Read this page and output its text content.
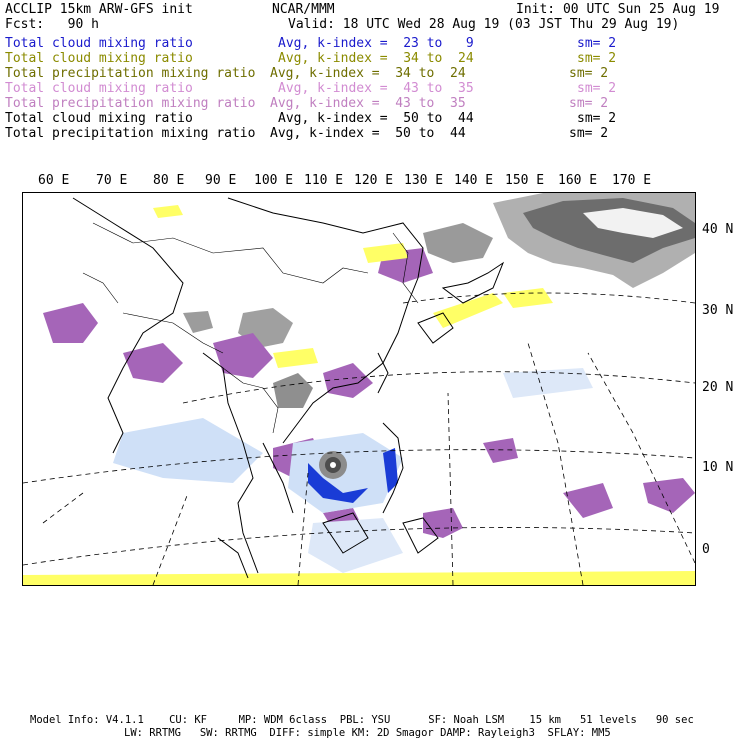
ACCLIP 15km ARW-GFS init	NCAR/MMM	Init: 00 UTC Sun 25 Aug 19
Fcst:   90 h	Valid: 18 UTC Wed 28 Aug 19 (03 JST Thu 29 Aug 19)
Total cloud mixing ratio	Avg, k-index =  23 to   9	sm= 2
Total cloud mixing ratio	Avg, k-index =  34 to  24	sm= 2
Total precipitation mixing ratio Avg, k-index =  34 to  24	sm= 2
Total cloud mixing ratio	Avg, k-index =  43 to  35	sm= 2
Total precipitation mixing ratio Avg, k-index =  43 to  35	sm= 2
Total cloud mixing ratio	Avg, k-index =  50 to  44	sm= 2
Total precipitation mixing ratio Avg, k-index =  50 to  44	sm= 2
60 E 70 E 80 E 90 E 100 E 110 E 120 E 130 E 140 E 150 E 160 E 170 E
40 N
30 N
20 N
10 N
0
Model Info: V4.1.1    CU: KF     MP: WDM 6class  PBL: YSU      SF: Noah LSM    15 km   51 levels   90 sec
LW: RRTMG   SW: RRTMG  DIFF: simple KM: 2D Smagor DAMP: Rayleigh3  SFLAY: MM5
